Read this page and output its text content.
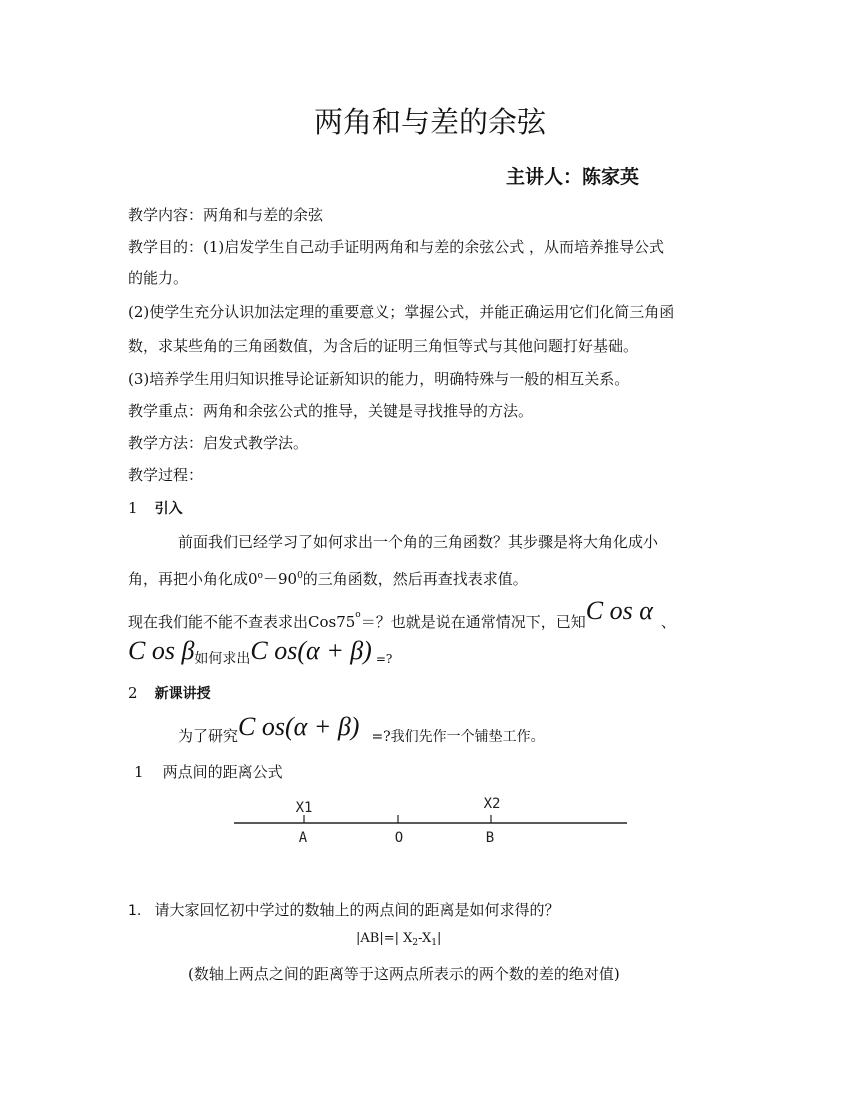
两角和与差的余弦
主讲人：陈家英
教学内容：两角和与差的余弦
教学目的：(1)启发学生自己动手证明两角和与差的余弦公式 ，从而培养推导公式
的能力。
(2)使学生充分认识加法定理的重要意义；掌握公式，并能正确运用它们化简三角函
数，求某些角的三角函数值，为含后的证明三角恒等式与其他问题打好基础。
(3)培养学生用归知识推导论证新知识的能力，明确特殊与一般的相互关系。
教学重点：两角和余弦公式的推导，关键是寻找推导的方法。
教学方法：启发式教学法。
教学过程：
1 引入
前面我们已经学习了如何求出一个角的三角函数？其步骤是将大角化成小
角，再把小角化成$0^o-90^0$的三角函数，然后再查找表求值。
现在我们能不能不查表求出$Cos75^o=$？也就是说在通常情况下，已知C os α 、
C os β如何求出C os(α + β) $_{=?}$
2 新课讲授
为了研究C os(α + β) =?我们先作一个铺垫工作。
1 两点间的距离公式
X1	X2
A	O	B
1. 请大家回忆初中学过的数轴上的两点间的距离是如何求得的？
|AB|=| $X_2-X_1|$
(数轴上两点之间的距离等于这两点所表示的两个数的差的绝对值)
